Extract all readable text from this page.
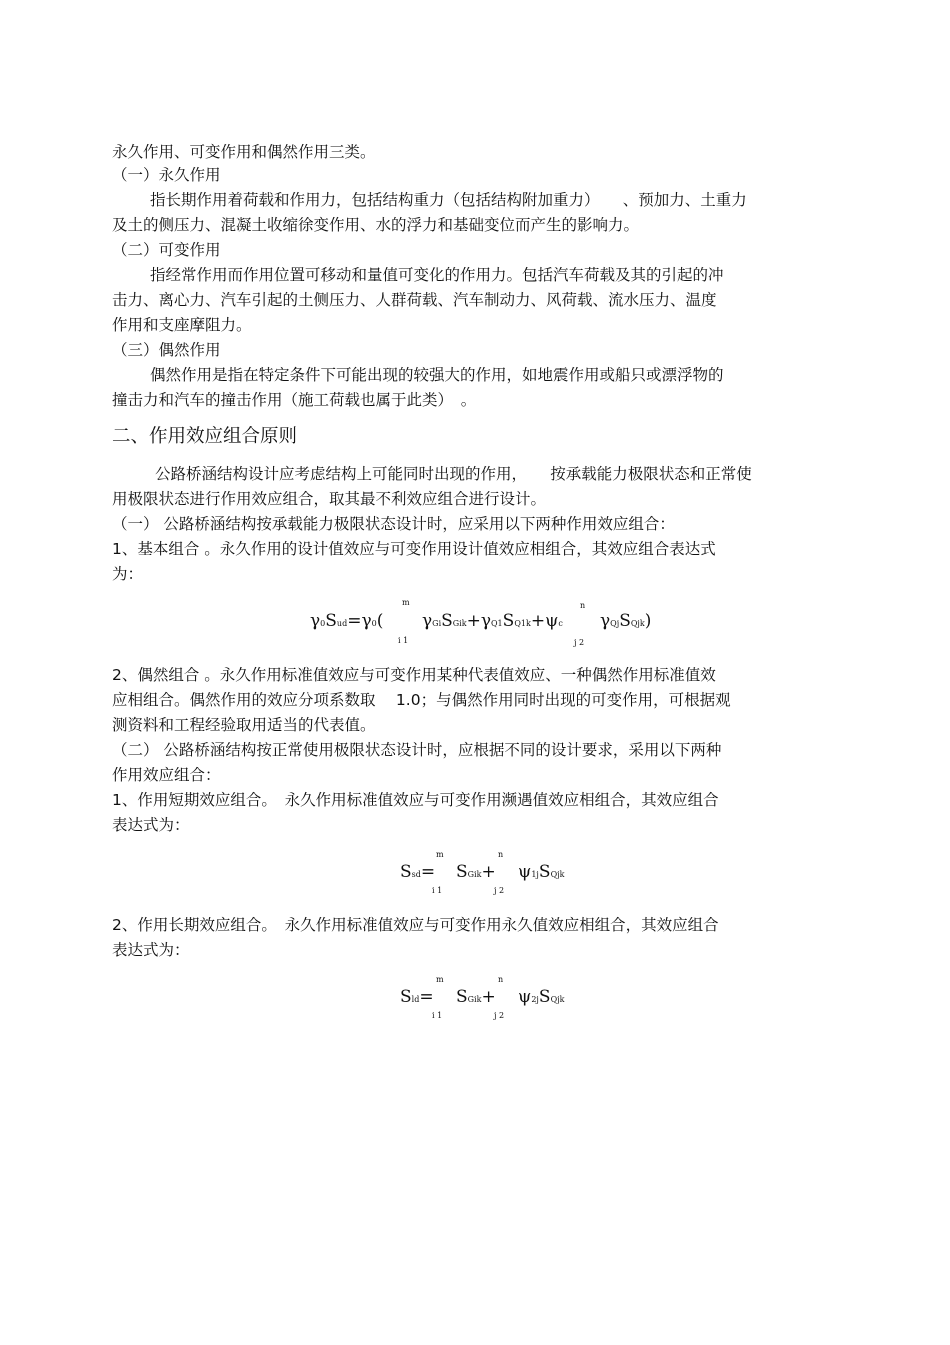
永久作用、可变作用和偶然作用三类。
（一）永久作用
指长期作用着荷载和作用力，包括结构重力（包括结构附加重力）　　、预加力、土重力
及土的侧压力、混凝土收缩徐变作用、水的浮力和基础变位而产生的影响力。
（二）可变作用
指经常作用而作用位置可移动和量值可变化的作用力。包括汽车荷载及其的引起的冲
击力、离心力、汽车引起的土侧压力、人群荷载、汽车制动力、风荷载、流水压力、温度
作用和支座摩阻力。
（三）偶然作用
偶然作用是指在特定条件下可能出现的较强大的作用，如地震作用或船只或漂浮物的
撞击力和汽车的撞击作用（施工荷载也属于此类）　。
二、作用效应组合原则
公路桥涵结构设计应考虑结构上可能同时出现的作用，　　按承载能力极限状态和正常使
用极限状态进行作用效应组合，取其最不利效应组合进行设计。
（一） 公路桥涵结构按承载能力极限状态设计时，应采用以下两种作用效应组合：
1、基本组合 。永久作用的设计值效应与可变作用设计值效应相组合，其效应组合表达式
为：
γ0Sud=γ0(
m
i 1
γGiSGik+γQ1SQ1k+ψc
n
j 2
γQjSQjk)
2、偶然组合 。永久作用标准值效应与可变作用某种代表值效应、一种偶然作用标准值效
应相组合。偶然作用的效应分项系数取　 1.0；与偶然作用同时出现的可变作用，可根据观
测资料和工程经验取用适当的代表值。
（二） 公路桥涵结构按正常使用极限状态设计时，应根据不同的设计要求，采用以下两种
作用效应组合：
1、作用短期效应组合。　永久作用标准值效应与可变作用濒遇值效应相组合，其效应组合
表达式为：
Ssd=
m
i 1
SGik+
n
j 2
ψ1jSQjk
2、作用长期效应组合。　永久作用标准值效应与可变作用永久值效应相组合，其效应组合
表达式为：
Sld=
m
i 1
SGik+
n
j 2
ψ2jSQjk
